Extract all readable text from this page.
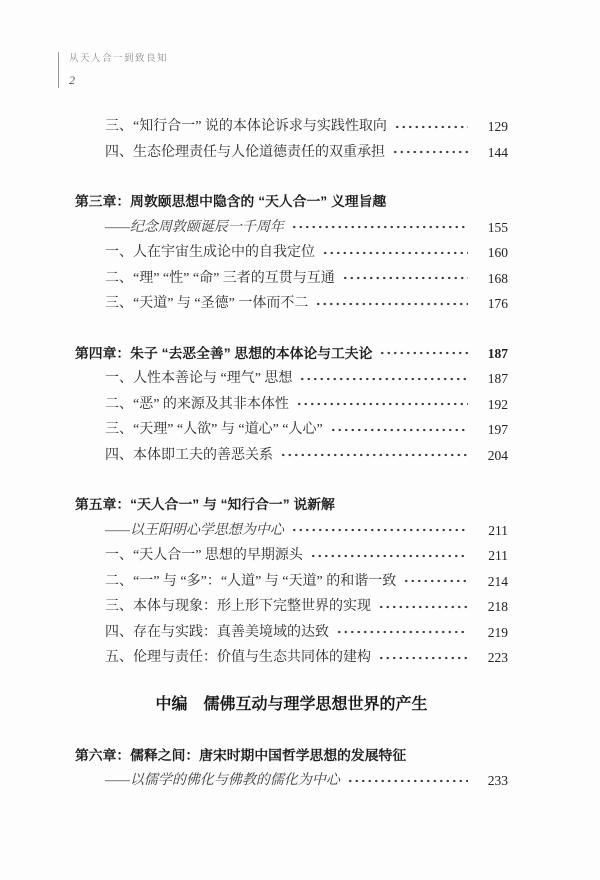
从天人合一到致良知
2
三、“知行合一” 说的本体论诉求与实践性取向	129
四、生态伦理责任与人伦道德责任的双重承担	144
第三章：周敦颐思想中隐含的 “天人合一” 义理旨趣
——纪念周敦颐诞辰一千周年	155
一、人在宇宙生成论中的自我定位	160
二、“理” “性” “命” 三者的互贯与互通	168
三、“天道” 与 “圣德” 一体而不二	176
第四章：朱子 “去恶全善” 思想的本体论与工夫论	187
一、人性本善论与 “理气” 思想	187
二、“恶” 的来源及其非本体性	192
三、“天理” “人欲” 与 “道心” “人心”	197
四、本体即工夫的善恶关系	204
第五章：“天人合一” 与 “知行合一” 说新解
——以王阳明心学思想为中心	211
一、“天人合一” 思想的早期源头	211
二、“一” 与 “多”：“人道” 与 “天道” 的和谐一致	214
三、本体与现象：形上形下完整世界的实现	218
四、存在与实践：真善美境域的达致	219
五、伦理与责任：价值与生态共同体的建构	223
中编　儒佛互动与理学思想世界的产生
第六章：儒释之间：唐宋时期中国哲学思想的发展特征
——以儒学的佛化与佛教的儒化为中心	233
